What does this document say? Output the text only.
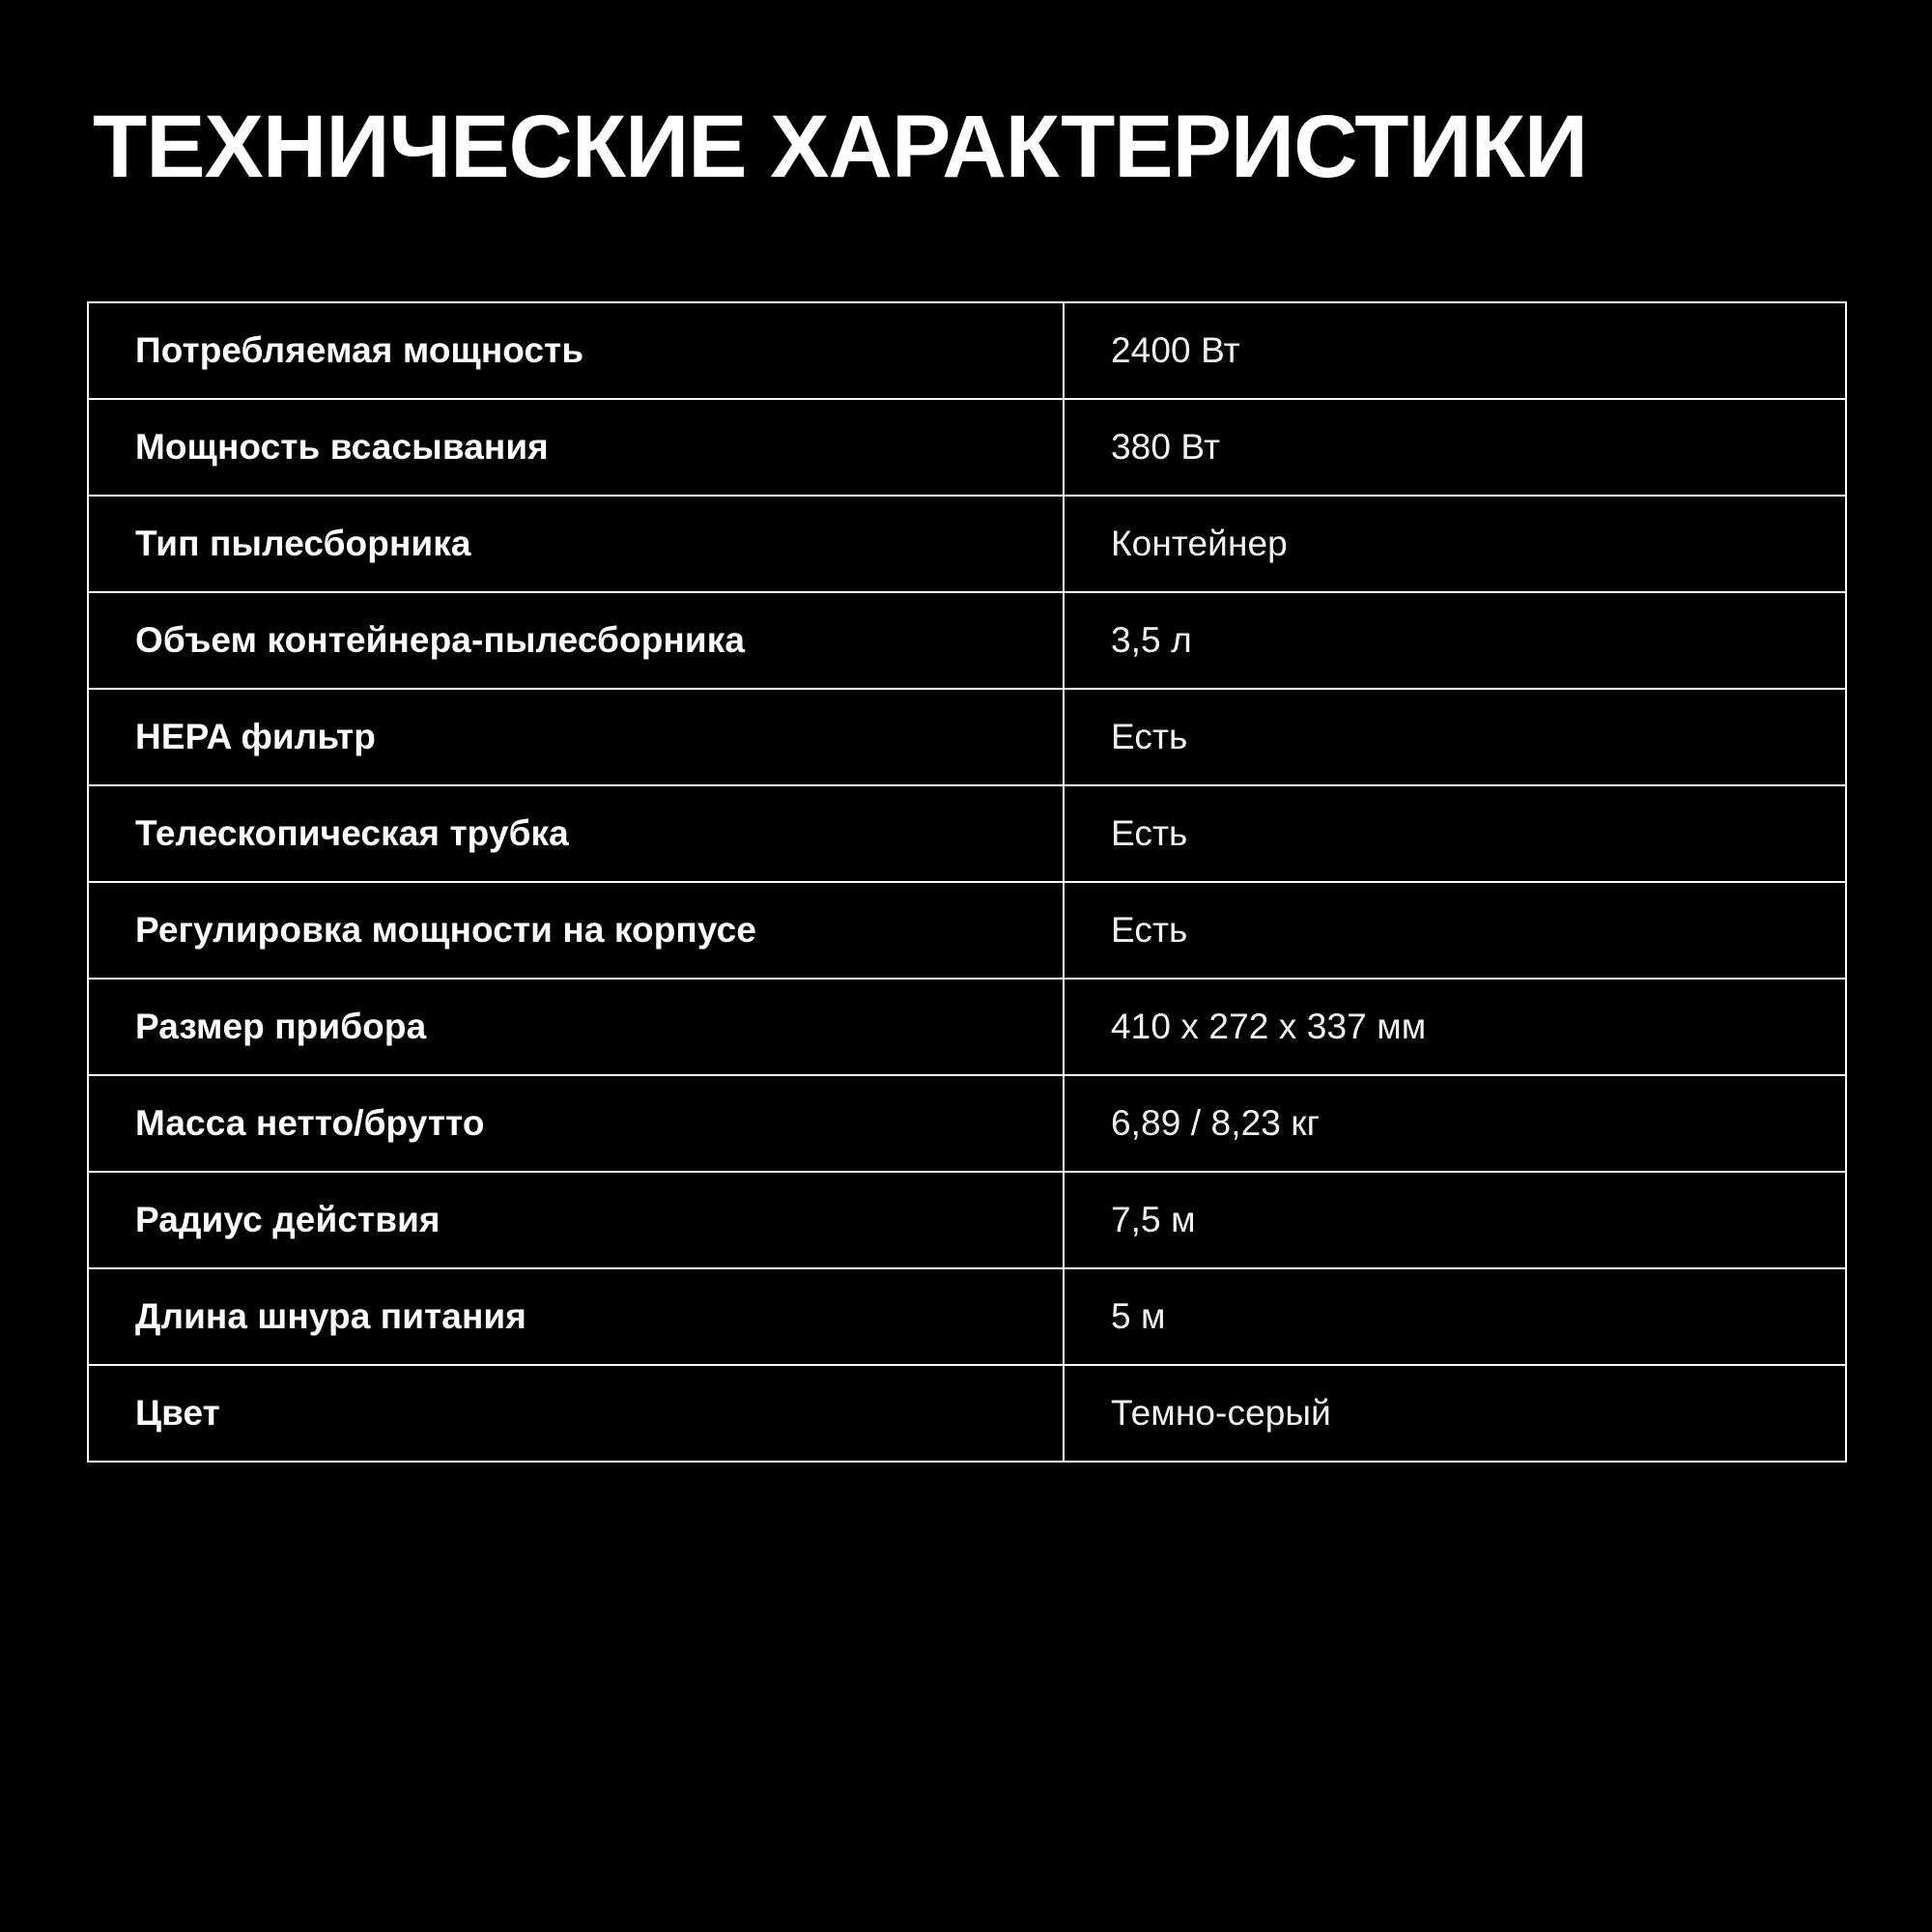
ТЕХНИЧЕСКИЕ ХАРАКТЕРИСТИКИ
Потребляемая мощность	2400 Вт
Мощность всасывания	380 Вт
Тип пылесборника	Контейнер
Объем контейнера-пылесборника	3,5 л
HEPA фильтр	Есть
Телескопическая трубка	Есть
Регулировка мощности на корпусе	Есть
Размер прибора	410 x 272 x 337 мм
Масса нетто/брутто	6,89 / 8,23 кг
Радиус действия	7,5 м
Длина шнура питания	5 м
Цвет	Темно-серый
